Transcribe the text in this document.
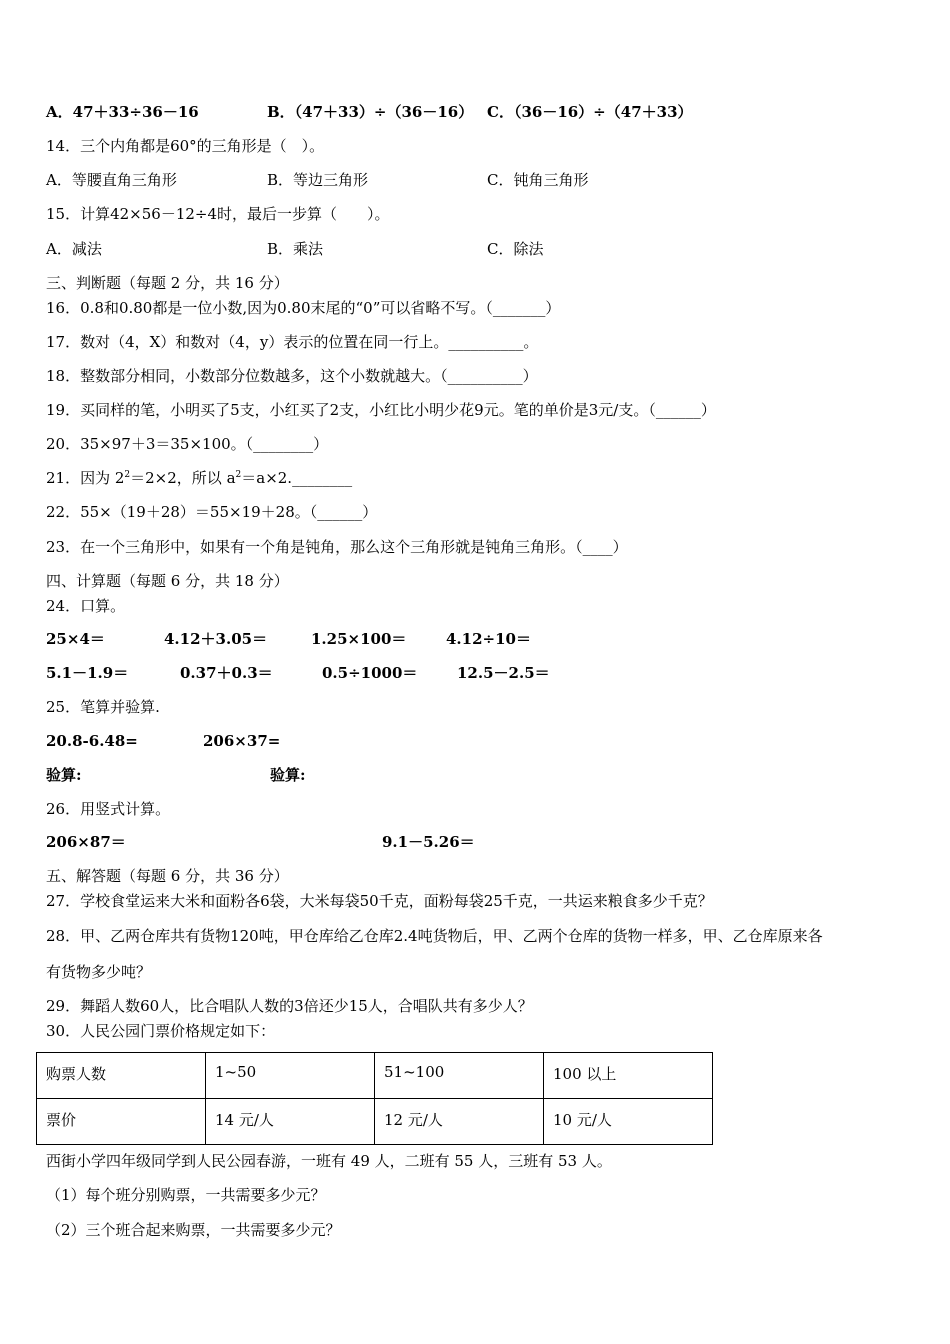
A．47＋33÷36－16	B．（47＋33）÷（36－16） C．（36－16）÷（47＋33）
14．三个内角都是60°的三角形是（　）。
A．等腰直角三角形	B．等边三角形	C．钝角三角形
15．计算42×56－12÷4时，最后一步算（　　）。
A．减法	B．乘法	C．除法
三、判断题（每题 2 分，共 16 分）
16．0.8和0.80都是一位小数,因为0.80末尾的“0”可以省略不写。（_______）
17．数对（4，X）和数对（4，y）表示的位置在同一行上。__________。
18．整数部分相同，小数部分位数越多，这个小数就越大。（__________）
19．买同样的笔，小明买了5支，小红买了2支，小红比小明少花9元。笔的单价是3元/支。（______）
20．35×97＋3＝35×100。（________）
21．因为 $2^2=2\times 2$，所以 $a^2=a\times 2.\_\_\_\_\_\_\_\_$
22．55×（19＋28）＝55×19＋28。（______）
23．在一个三角形中，如果有一个角是钝角，那么这个三角形就是钝角三角形。（____）
四、计算题（每题 6 分，共 18 分）
24．口算。
25×4＝	4.12＋3.05＝	1.25×100＝	4.12÷10＝
5.1－1.9＝	0.37＋0.3＝	0.5÷1000＝	12.5－2.5＝
25．笔算并验算.
20.8-6.48=	206×37=
验算:	验算:
26．用竖式计算。
206×87＝	9.1－5.26＝
五、解答题（每题 6 分，共 36 分）
27．学校食堂运来大米和面粉各6袋，大米每袋50千克，面粉每袋25千克，一共运来粮食多少千克？
28．甲、乙两仓库共有货物120吨，甲仓库给乙仓库2.4吨货物后，甲、乙两个仓库的货物一样多，甲、乙仓库原来各
有货物多少吨？
29．舞蹈人数60人，比合唱队人数的3倍还少15人，合唱队共有多少人？
30．人民公园门票价格规定如下：
购票人数	1~50	51~100	100 以上
票价	14 元/人	12 元/人	10 元/人
西街小学四年级同学到人民公园春游，一班有 49 人，二班有 55 人，三班有 53 人。
（1）每个班分别购票，一共需要多少元？
（2）三个班合起来购票，一共需要多少元？
